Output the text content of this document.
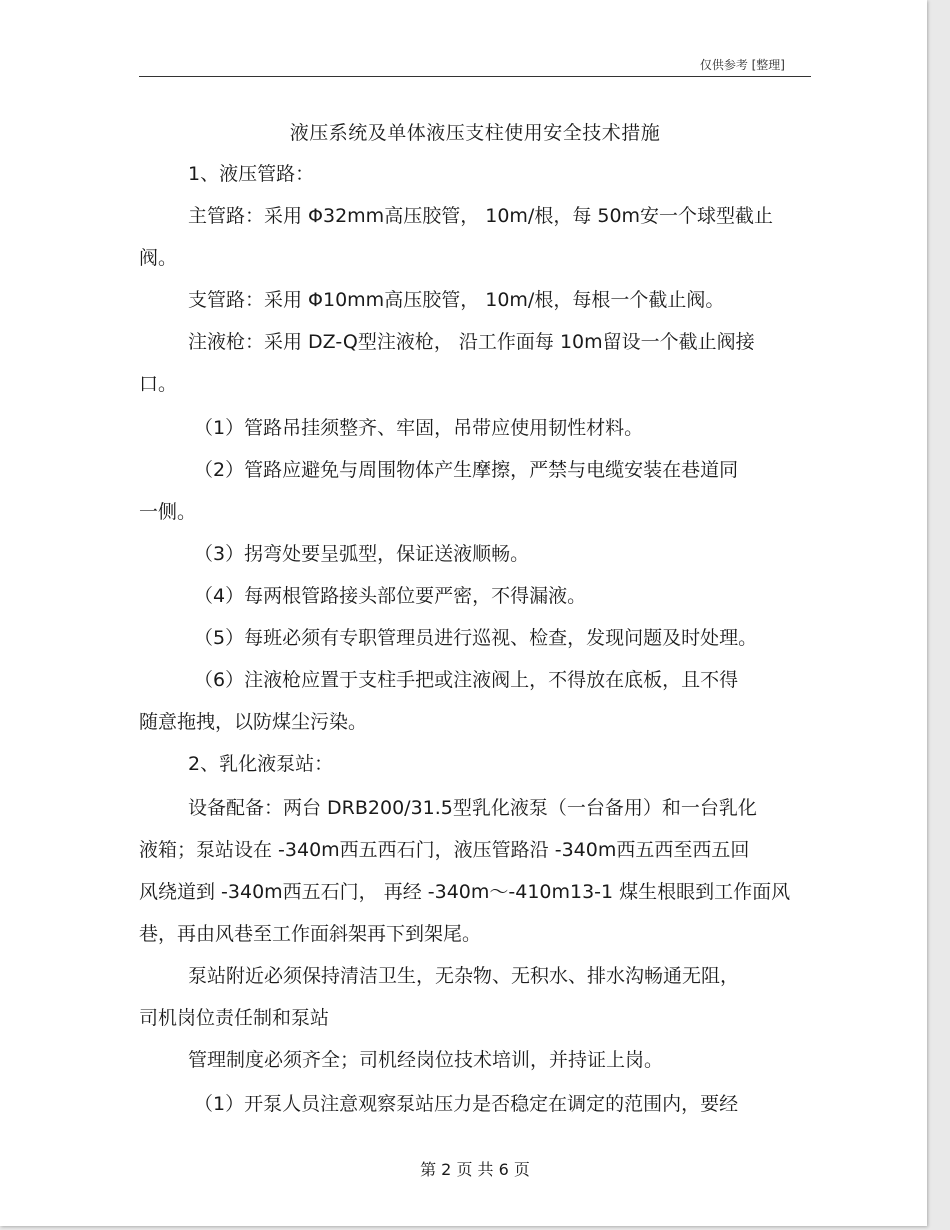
仅供参考 [整理]
液压系统及单体液压支柱使用安全技术措施
1、液压管路：
主管路：采用 Φ32mm高压胶管， 10m/根，每 50m安一个球型截止
阀。
支管路：采用 Φ10mm高压胶管， 10m/根，每根一个截止阀。
注液枪：采用 DZ-Q型注液枪， 沿工作面每 10m留设一个截止阀接
口。
（1）管路吊挂须整齐、牢固，吊带应使用韧性材料。
（2）管路应避免与周围物体产生摩擦，严禁与电缆安装在巷道同
一侧。
（3）拐弯处要呈弧型，保证送液顺畅。
（4）每两根管路接头部位要严密，不得漏液。
（5）每班必须有专职管理员进行巡视、检查，发现问题及时处理。
（6）注液枪应置于支柱手把或注液阀上，不得放在底板，且不得
随意拖拽，以防煤尘污染。
2、乳化液泵站：
设备配备：两台 DRB200/31.5型乳化液泵（一台备用）和一台乳化
液箱；泵站设在 -340m西五西石门，液压管路沿 -340m西五西至西五回
风绕道到 -340m西五石门， 再经 -340m～-410m13-1 煤生根眼到工作面风
巷，再由风巷至工作面斜架再下到架尾。
泵站附近必须保持清洁卫生，无杂物、无积水、排水沟畅通无阻，
司机岗位责任制和泵站
管理制度必须齐全；司机经岗位技术培训，并持证上岗。
（1）开泵人员注意观察泵站压力是否稳定在调定的范围内，要经
第 2 页 共 6 页
